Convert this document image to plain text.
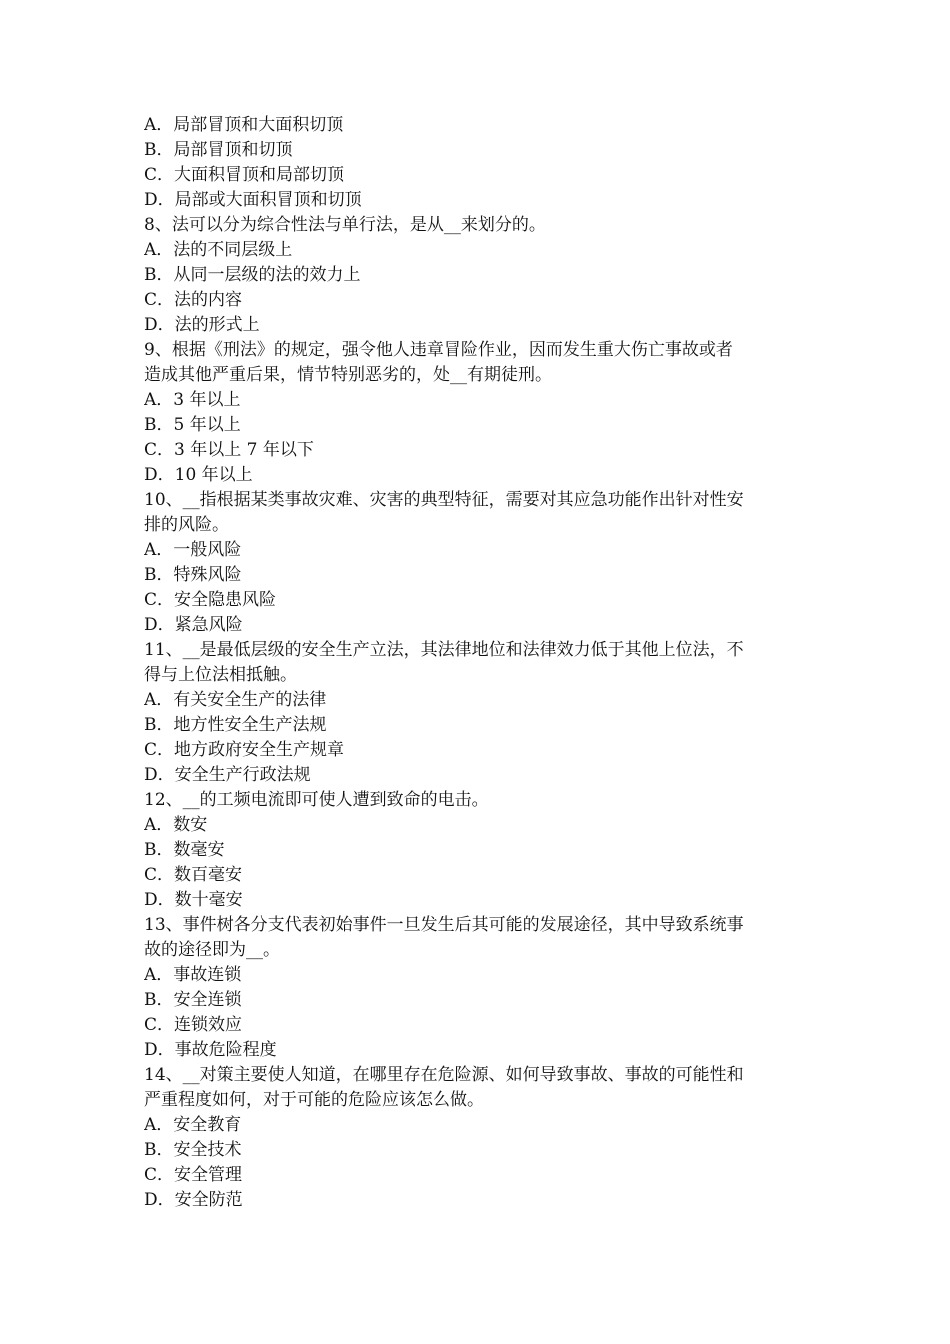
A．局部冒顶和大面积切顶
B．局部冒顶和切顶
C．大面积冒顶和局部切顶
D．局部或大面积冒顶和切顶
8、法可以分为综合性法与单行法，是从__来划分的。
A．法的不同层级上
B．从同一层级的法的效力上
C．法的内容
D．法的形式上
9、根据《刑法》的规定，强令他人违章冒险作业，因而发生重大伤亡事故或者
造成其他严重后果，情节特别恶劣的，处__有期徒刑。
A．3 年以上
B．5 年以上
C．3 年以上 7 年以下
D．10 年以上
10、__指根据某类事故灾难、灾害的典型特征，需要对其应急功能作出针对性安
排的风险。
A．一般风险
B．特殊风险
C．安全隐患风险
D．紧急风险
11、__是最低层级的安全生产立法，其法律地位和法律效力低于其他上位法，不
得与上位法相抵触。
A．有关安全生产的法律
B．地方性安全生产法规
C．地方政府安全生产规章
D．安全生产行政法规
12、__的工频电流即可使人遭到致命的电击。
A．数安
B．数毫安
C．数百毫安
D．数十毫安
13、事件树各分支代表初始事件一旦发生后其可能的发展途径，其中导致系统事
故的途径即为__。
A．事故连锁
B．安全连锁
C．连锁效应
D．事故危险程度
14、__对策主要使人知道，在哪里存在危险源、如何导致事故、事故的可能性和
严重程度如何，对于可能的危险应该怎么做。
A．安全教育
B．安全技术
C．安全管理
D．安全防范
